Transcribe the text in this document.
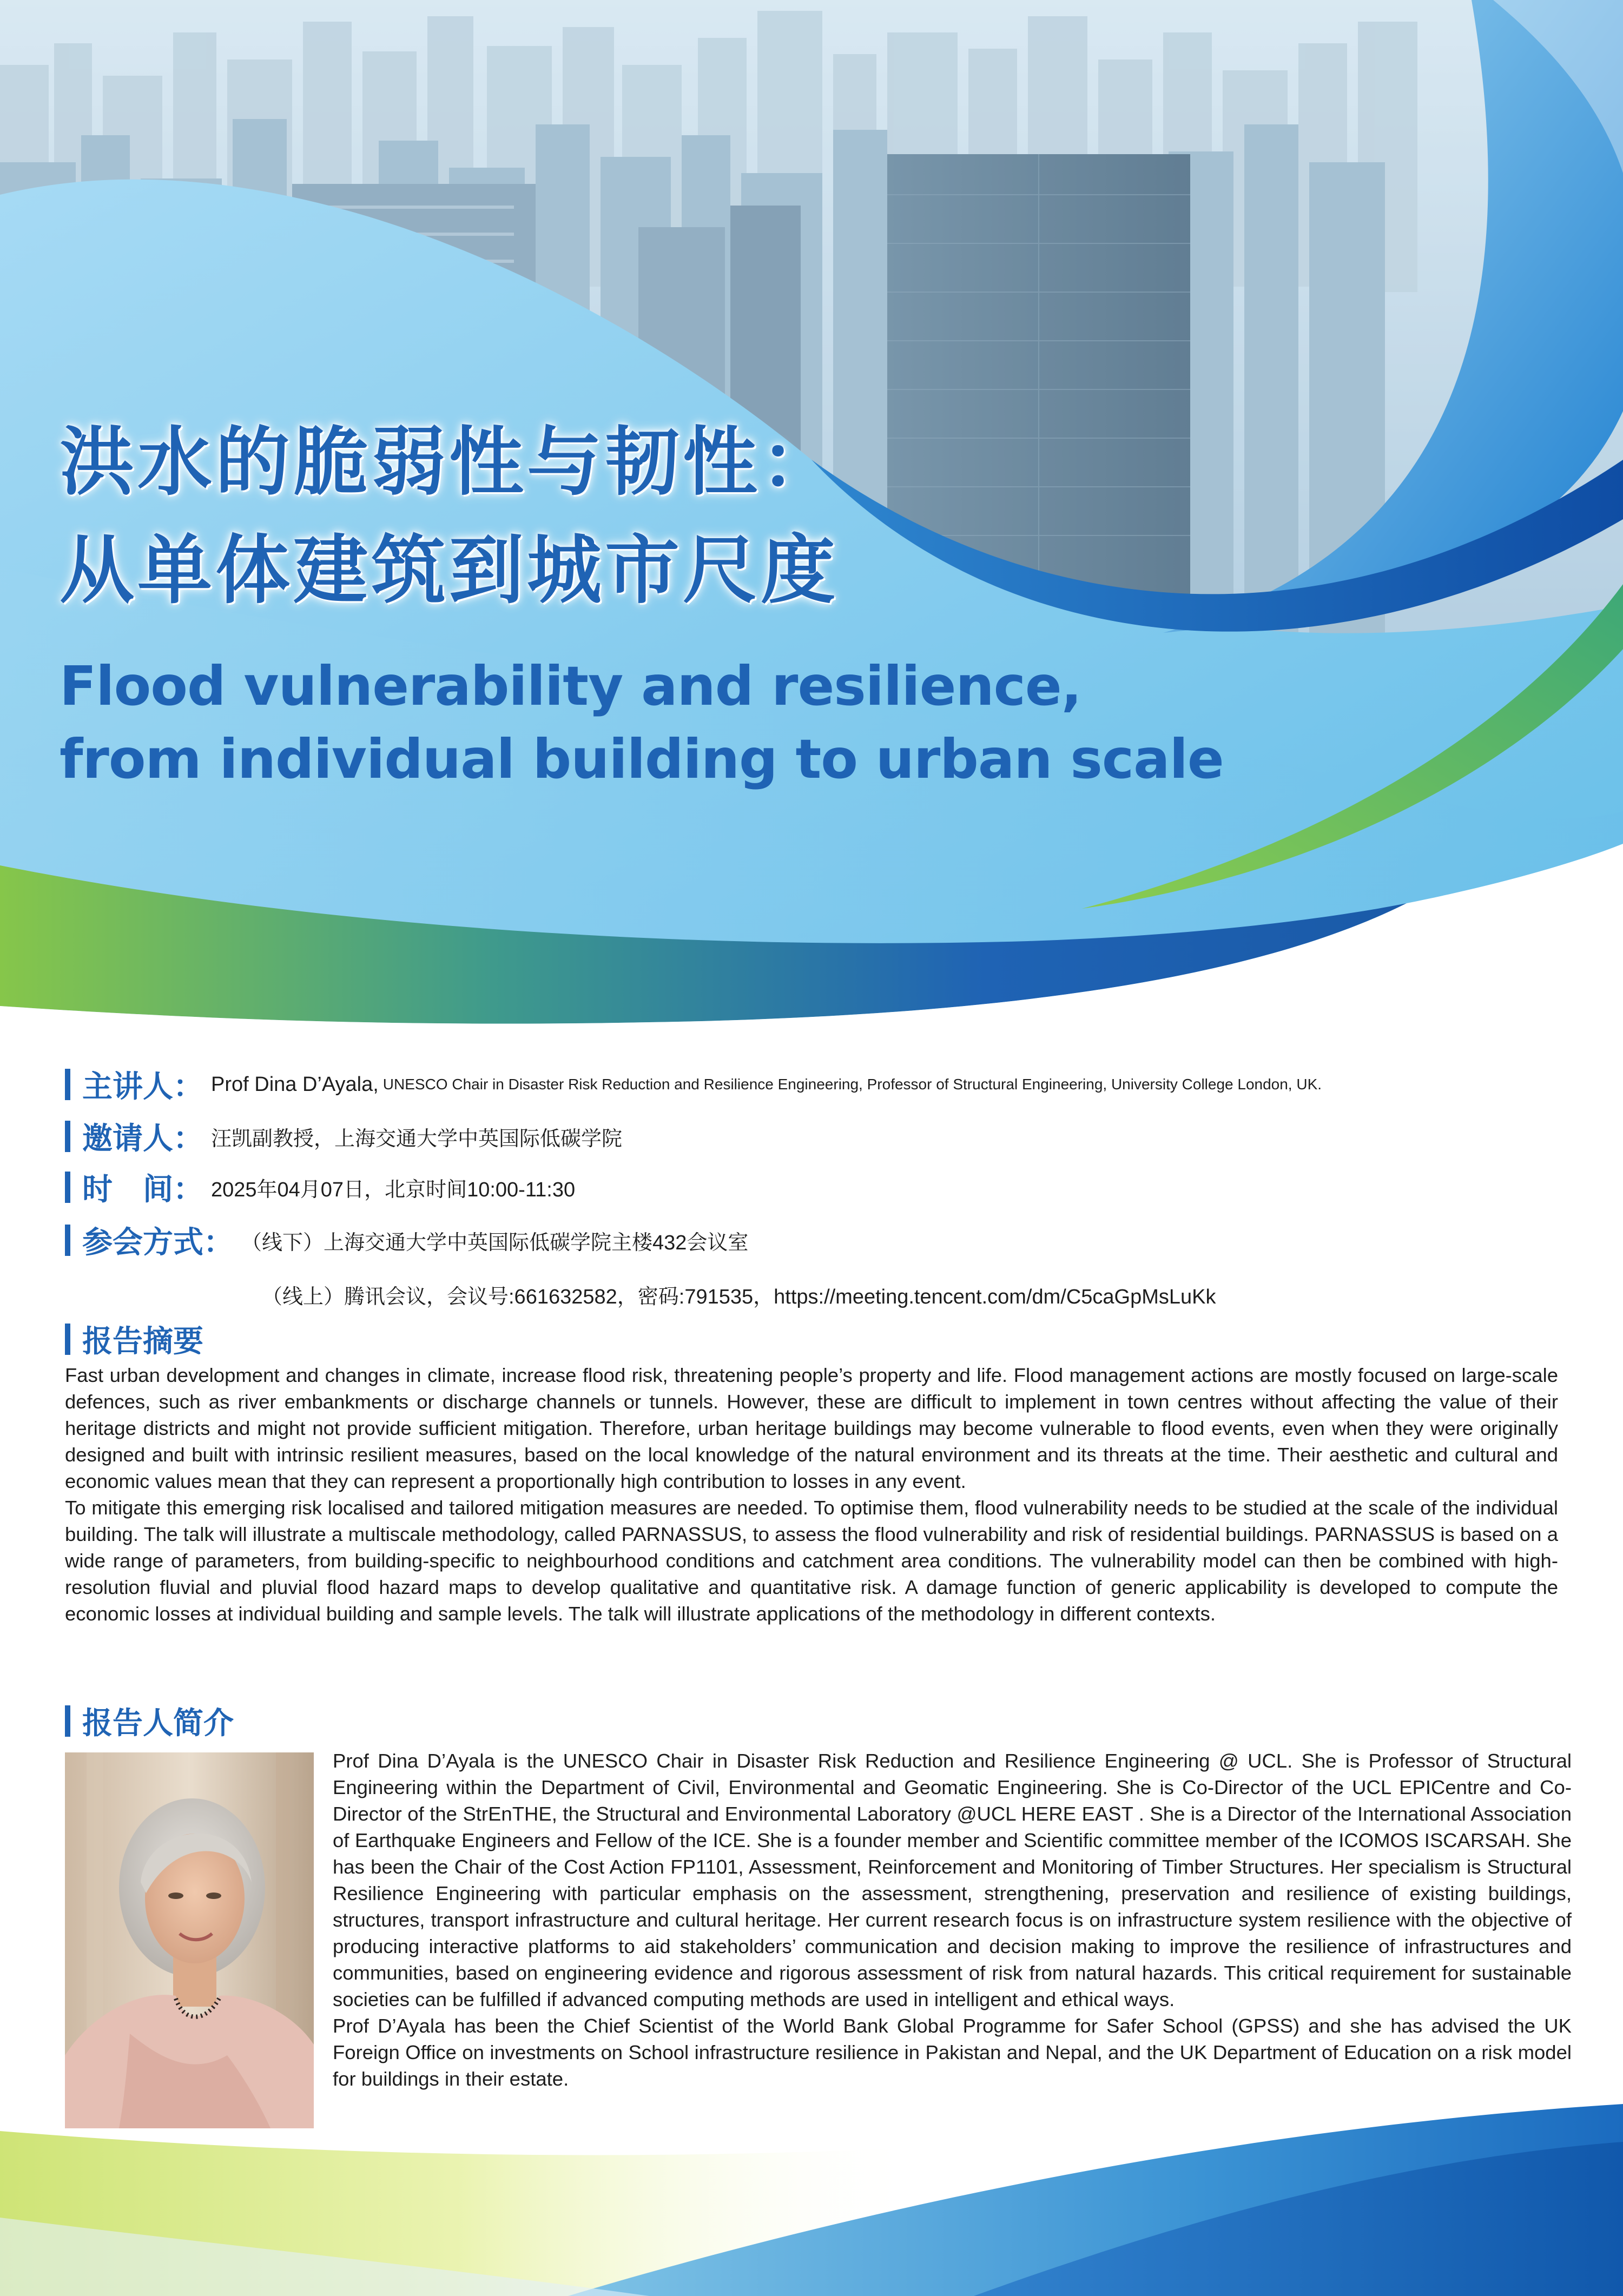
洪水的脆弱性与韧性：
从单体建筑到城市尺度
Flood vulnerability and resilience,
from individual building to urban scale
主讲人： Prof Dina D’Ayala, UNESCO Chair in Disaster Risk Reduction and Resilience Engineering, Professor of Structural Engineering, University College London, UK.
邀请人： 汪凯副教授，上海交通大学中英国际低碳学院
时　间： 2025年04月07日，北京时间10:00-11:30
参会方式： （线下）上海交通大学中英国际低碳学院主楼432会议室
（线上）腾讯会议，会议号:661632582，密码:791535，https://meeting.tencent.com/dm/C5caGpMsLuKk
报告摘要

Fast urban development and changes in climate, increase flood risk, threatening people’s property and life. Flood management actions are mostly focused on large-scale defences, such as river embankments or discharge channels or tunnels. However, these are difficult to implement in town centres without affecting the value of their heritage districts and might not provide sufficient mitigation. Therefore, urban heritage buildings may become vulnerable to flood events, even when they were originally designed and built with intrinsic resilient measures, based on the local knowledge of the natural environment and its threats at the time. Their aesthetic and cultural and economic values mean that they can represent a proportionally high contribution to losses in any event.

To mitigate this emerging risk localised and tailored mitigation measures are needed. To optimise them, flood vulnerability needs to be studied at the scale of the individual building. The talk will illustrate a multiscale methodology, called PARNASSUS, to assess the flood vulnerability and risk of residential buildings. PARNASSUS is based on a wide range of parameters, from building-specific to neighbourhood conditions and catchment area conditions. The vulnerability model can then be combined with high-resolution fluvial and pluvial flood hazard maps to develop qualitative and quantitative risk. A damage function of generic applicability is developed to compute the economic losses at individual building and sample levels. The talk will illustrate applications of the methodology in different contexts.

报告人简介

Prof Dina D’Ayala is the UNESCO Chair in Disaster Risk Reduction and Resilience Engineering @ UCL. She is Professor of Structural Engineering within the Department of Civil, Environmental and Geomatic Engineering. She is Co-Director of the UCL EPICentre and Co-Director of the StrEnTHE, the Structural and Environmental Laboratory @UCL HERE EAST . She is a Director of the International Association of Earthquake Engineers and Fellow of the ICE. She is a founder member and Scientific committee member of the ICOMOS ISCARSAH. She has been the Chair of the Cost Action FP1101, Assessment, Reinforcement and Monitoring of Timber Structures. Her specialism is Structural Resilience Engineering with particular emphasis on the assessment, strengthening, preservation and resilience of existing buildings, structures, transport infrastructure and cultural heritage. Her current research focus is on infrastructure system resilience with the objective of producing interactive platforms to aid stakeholders’ communication and decision making to improve the resilience of infrastructures and communities, based on engineering evidence and rigorous assessment of risk from natural hazards. This critical requirement for sustainable societies can be fulfilled if advanced computing methods are used in intelligent and ethical ways.

Prof D’Ayala has been the Chief Scientist of the World Bank Global Programme for Safer School (GPSS) and she has advised the UK Foreign Office on investments on School infrastructure resilience in Pakistan and Nepal, and the UK Department of Education on a risk model for buildings in their estate.
